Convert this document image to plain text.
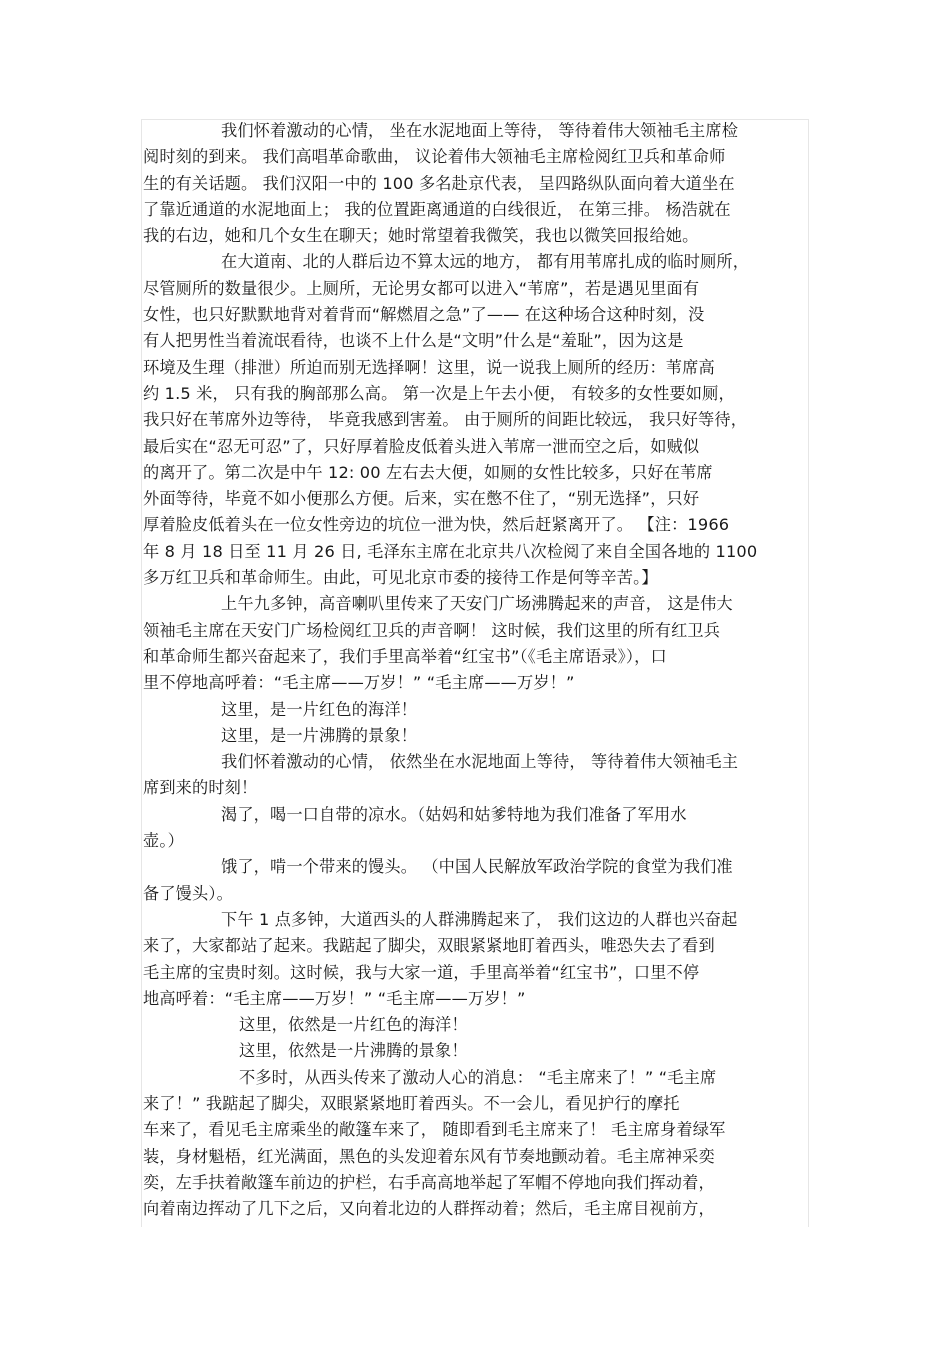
我们怀着激动的心情， 坐在水泥地面上等待， 等待着伟大领袖毛主席检
阅时刻的到来。 我们高唱革命歌曲， 议论着伟大领袖毛主席检阅红卫兵和革命师
生的有关话题。 我们汉阳一中的 100 多名赴京代表， 呈四路纵队面向着大道坐在
了靠近通道的水泥地面上； 我的位置距离通道的白线很近， 在第三排。 杨浩就在
我的右边，她和几个女生在聊天；她时常望着我微笑，我也以微笑回报给她。
在大道南、北的人群后边不算太远的地方， 都有用苇席扎成的临时厕所，
尽管厕所的数量很少。上厕所，无论男女都可以进入“苇席”，若是遇见里面有
女性，也只好默默地背对着背而“解燃眉之急”了—— 在这种场合这种时刻，没
有人把男性当着流氓看待，也谈不上什么是“文明”什么是“羞耻”，因为这是
环境及生理（排泄）所迫而别无选择啊！这里，说一说我上厕所的经历：苇席高
约 1.5 米， 只有我的胸部那么高。 第一次是上午去小便， 有较多的女性要如厕，
我只好在苇席外边等待， 毕竟我感到害羞。 由于厕所的间距比较远， 我只好等待，
最后实在“忍无可忍”了，只好厚着脸皮低着头进入苇席一泄而空之后，如贼似
的离开了。第二次是中午 12: 00 左右去大便，如厕的女性比较多，只好在苇席
外面等待，毕竟不如小便那么方便。后来，实在憋不住了，“别无选择”，只好
厚着脸皮低着头在一位女性旁边的坑位一泄为快，然后赶紧离开了。 【注：1966
年 8 月 18 日至 11 月 26 日, 毛泽东主席在北京共八次检阅了来自全国各地的 1100
多万红卫兵和革命师生。由此，可见北京市委的接待工作是何等辛苦。】
上午九多钟，高音喇叭里传来了天安门广场沸腾起来的声音， 这是伟大
领袖毛主席在天安门广场检阅红卫兵的声音啊！ 这时候，我们这里的所有红卫兵
和革命师生都兴奋起来了，我们手里高举着“红宝书”（《毛主席语录》），口
里不停地高呼着：“毛主席——万岁！” “毛主席——万岁！”
这里，是一片红色的海洋！
这里，是一片沸腾的景象！
我们怀着激动的心情， 依然坐在水泥地面上等待， 等待着伟大领袖毛主
席到来的时刻！
渴了，喝一口自带的凉水。（姑妈和姑爹特地为我们准备了军用水
壶。）
饿了，啃一个带来的馒头。 （中国人民解放军政治学院的食堂为我们准
备了馒头）。
下午 1 点多钟，大道西头的人群沸腾起来了， 我们这边的人群也兴奋起
来了，大家都站了起来。我踮起了脚尖，双眼紧紧地盯着西头，唯恐失去了看到
毛主席的宝贵时刻。这时候，我与大家一道，手里高举着“红宝书”，口里不停
地高呼着：“毛主席——万岁！” “毛主席——万岁！”
这里，依然是一片红色的海洋！
这里，依然是一片沸腾的景象！
不多时，从西头传来了激动人心的消息： “毛主席来了！” “毛主席
来了！” 我踮起了脚尖，双眼紧紧地盯着西头。不一会儿，看见护行的摩托
车来了，看见毛主席乘坐的敞篷车来了， 随即看到毛主席来了！ 毛主席身着绿军
装，身材魁梧，红光满面，黑色的头发迎着东风有节奏地颤动着。毛主席神采奕
奕，左手扶着敞篷车前边的护栏，右手高高地举起了军帽不停地向我们挥动着，
向着南边挥动了几下之后，又向着北边的人群挥动着；然后，毛主席目视前方，
